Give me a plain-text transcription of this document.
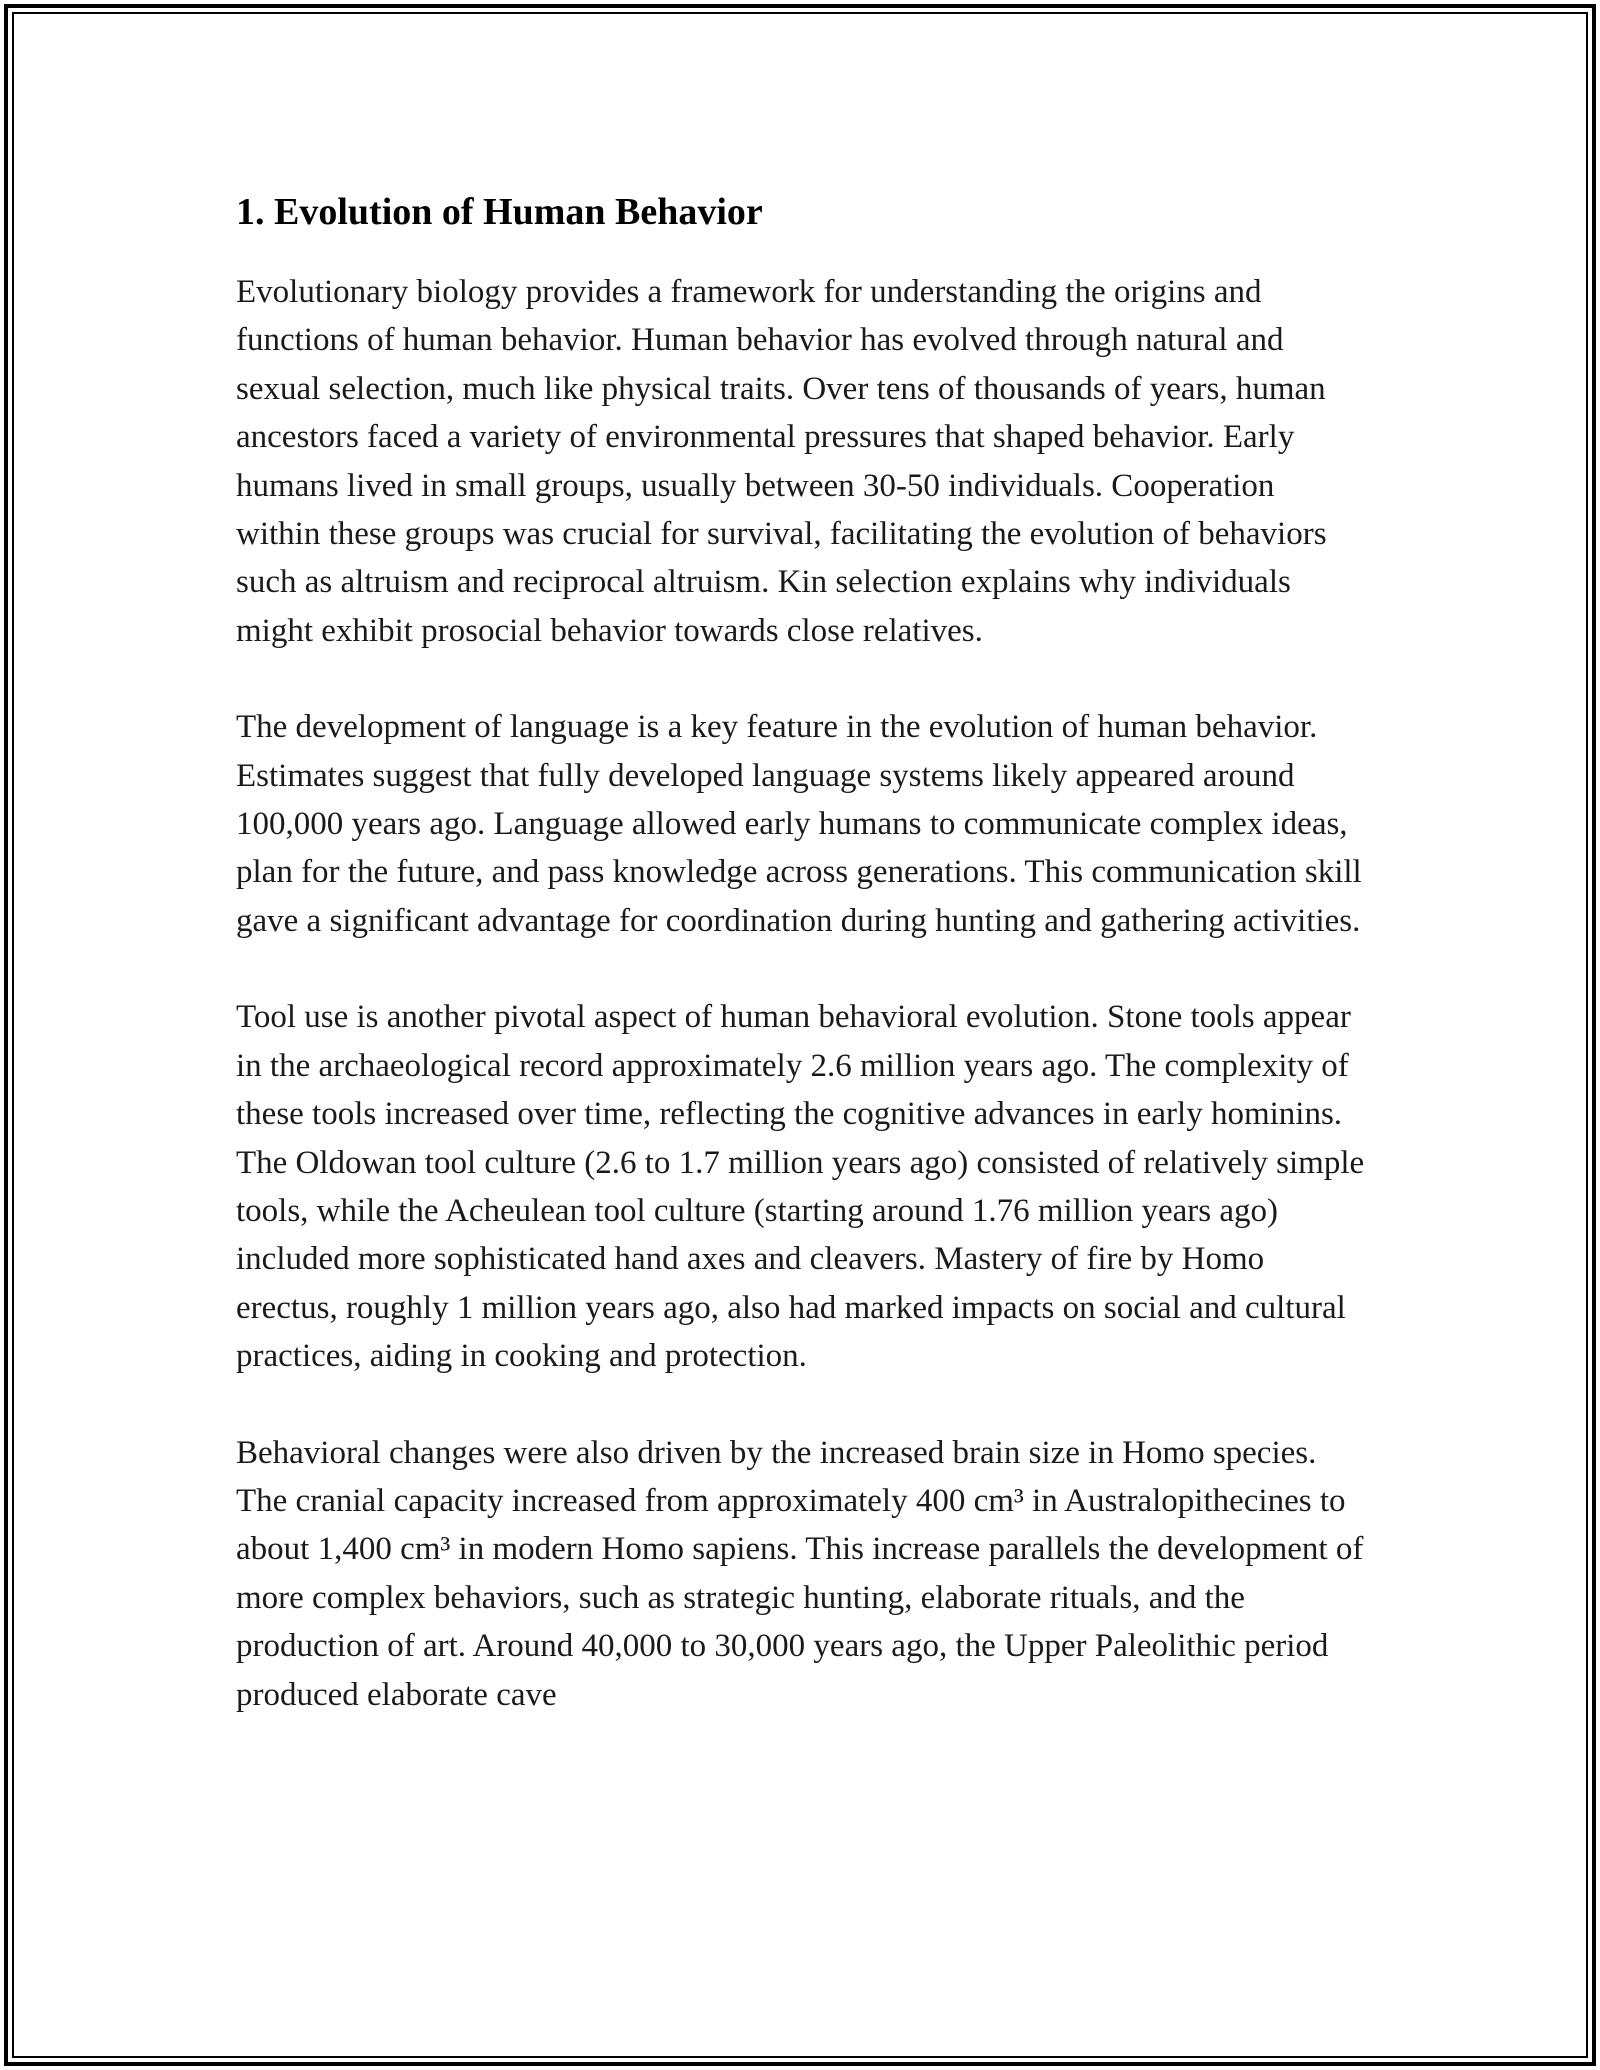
1. Evolution of Human Behavior

Evolutionary biology provides a framework for understanding the origins and functions of human behavior. Human behavior has evolved through natural and sexual selection, much like physical traits. Over tens of thousands of years, human ancestors faced a variety of environmental pressures that shaped behavior. Early humans lived in small groups, usually between 30-50 individuals. Cooperation within these groups was crucial for survival, facilitating the evolution of behaviors such as altruism and reciprocal altruism. Kin selection explains why individuals might exhibit prosocial behavior towards close relatives.

The development of language is a key feature in the evolution of human behavior. Estimates suggest that fully developed language systems likely appeared around 100,000 years ago. Language allowed early humans to communicate complex ideas, plan for the future, and pass knowledge across generations. This communication skill gave a significant advantage for coordination during hunting and gathering activities.

Tool use is another pivotal aspect of human behavioral evolution. Stone tools appear in the archaeological record approximately 2.6 million years ago. The complexity of these tools increased over time, reflecting the cognitive advances in early hominins. The Oldowan tool culture (2.6 to 1.7 million years ago) consisted of relatively simple tools, while the Acheulean tool culture (starting around 1.76 million years ago) included more sophisticated hand axes and cleavers. Mastery of fire by Homo erectus, roughly 1 million years ago, also had marked impacts on social and cultural practices, aiding in cooking and protection.

Behavioral changes were also driven by the increased brain size in Homo species. The cranial capacity increased from approximately 400 cm³ in Australopithecines to about 1,400 cm³ in modern Homo sapiens. This increase parallels the development of more complex behaviors, such as strategic hunting, elaborate rituals, and the production of art. Around 40,000 to 30,000 years ago, the Upper Paleolithic period produced elaborate cave
